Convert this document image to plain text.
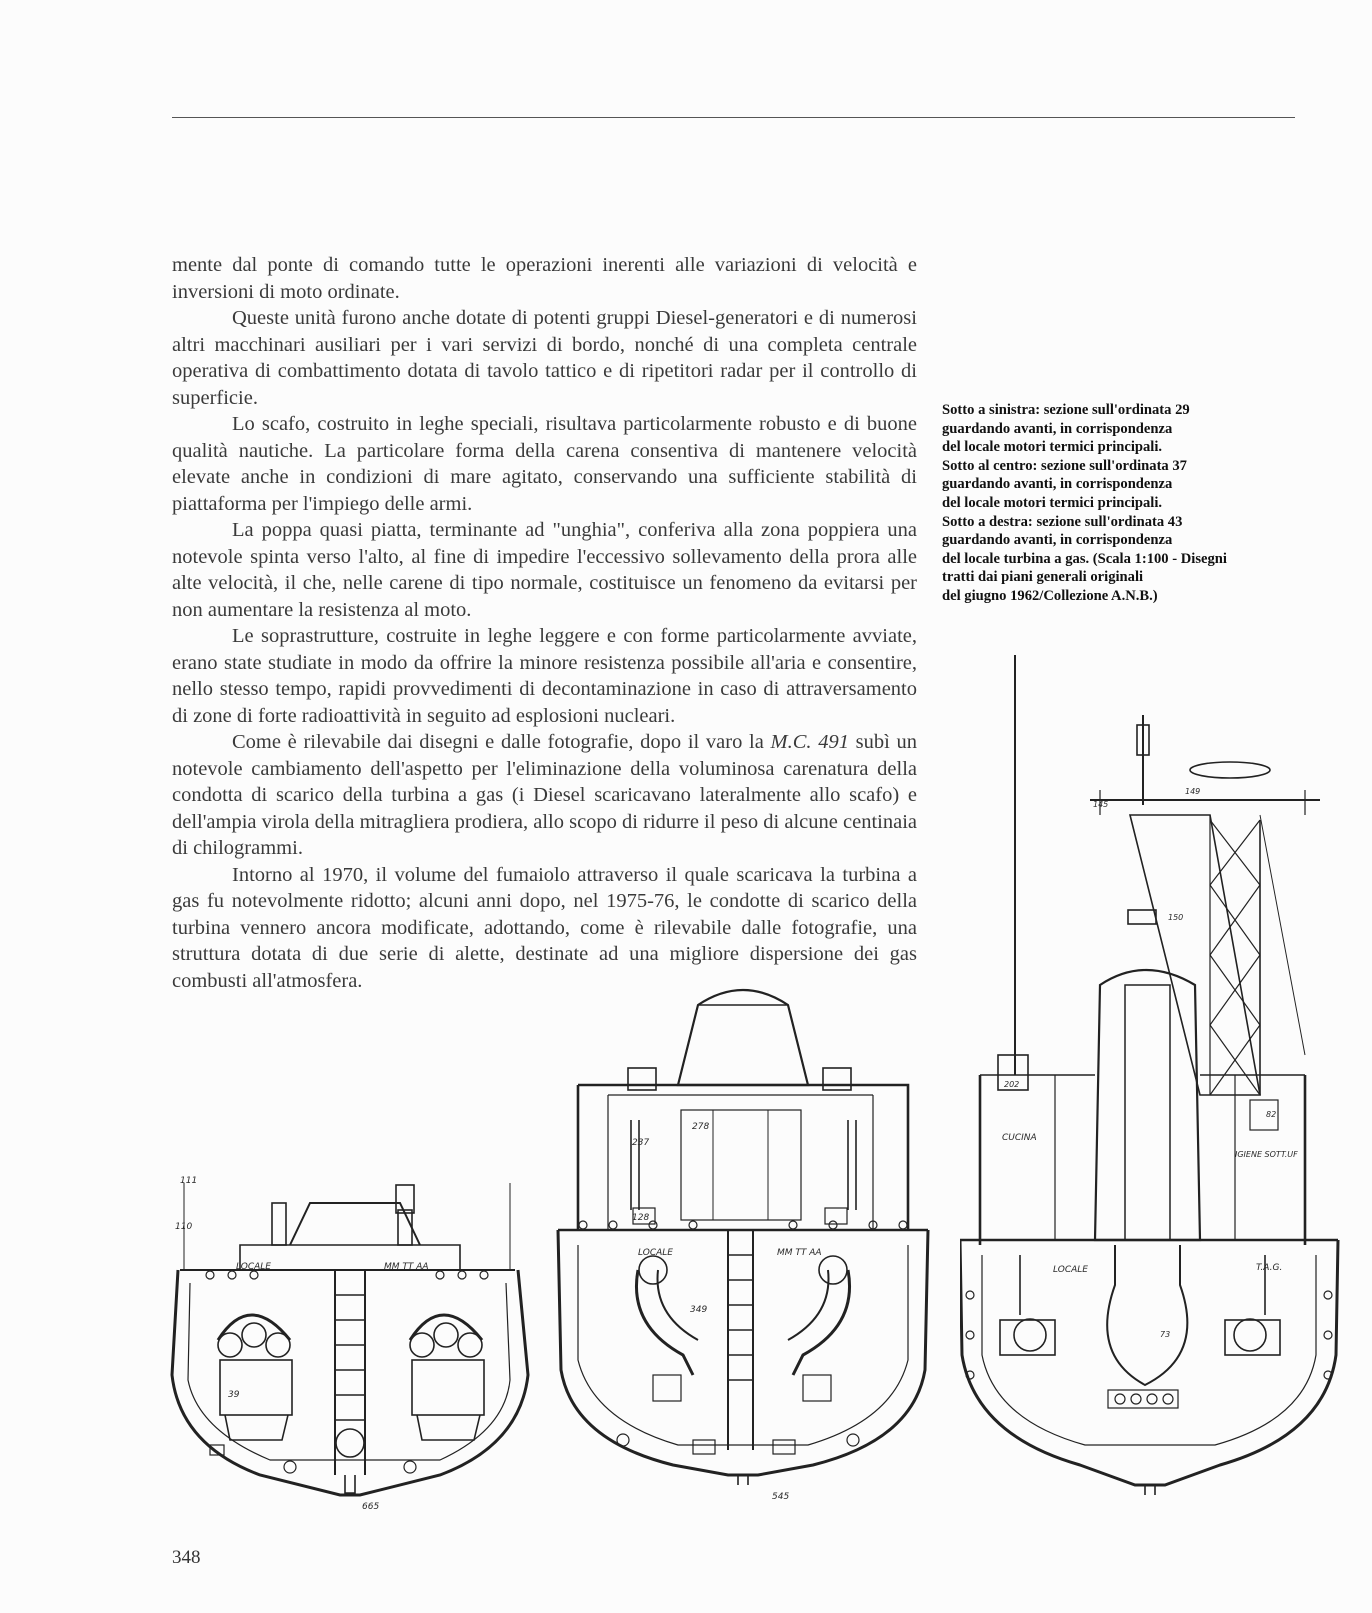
mente dal ponte di comando tutte le operazioni inerenti alle variazioni di velocità e inversioni di moto ordinate.

Queste unità furono anche dotate di potenti gruppi Diesel-generatori e di numerosi altri macchinari ausiliari per i vari servizi di bordo, nonché di una completa centrale operativa di combattimento dotata di tavolo tattico e di ripetitori radar per il controllo di superficie.

Lo scafo, costruito in leghe speciali, risultava particolarmente robusto e di buone qualità nautiche. La particolare forma della carena consentiva di mantenere velocità elevate anche in condizioni di mare agitato, conservando una sufficiente stabilità di piattaforma per l'impiego delle armi.

La poppa quasi piatta, terminante ad "unghia", conferiva alla zona poppiera una notevole spinta verso l'alto, al fine di impedire l'eccessivo sollevamento della prora alle alte velocità, il che, nelle carene di tipo normale, costituisce un fenomeno da evitarsi per non aumentare la resistenza al moto.

Le soprastrutture, costruite in leghe leggere e con forme particolarmente avviate, erano state studiate in modo da offrire la minore resistenza possibile all'aria e consentire, nello stesso tempo, rapidi provvedimenti di decontaminazione in caso di attraversamento di zone di forte radioattività in seguito ad esplosioni nucleari.

Come è rilevabile dai disegni e dalle fotografie, dopo il varo la M.C. 491 subì un notevole cambiamento dell'aspetto per l'eliminazione della voluminosa carenatura della condotta di scarico della turbina a gas (i Diesel scaricavano lateralmente allo scafo) e dell'ampia virola della mitragliera prodiera, allo scopo di ridurre il peso di alcune centinaia di chilogrammi.

Intorno al 1970, il volume del fumaiolo attraverso il quale scaricava la turbina a gas fu notevolmente ridotto; alcuni anni dopo, nel 1975-76, le condotte di scarico della turbina vennero ancora modificate, adottando, come è rilevabile dalle fotografie, una struttura dotata di due serie di alette, destinate ad una migliore dispersione dei gas combusti all'atmosfera.

Sotto a sinistra: sezione sull'ordinata 29
guardando avanti, in corrispondenza
del locale motori termici principali.
Sotto al centro: sezione sull'ordinata 37
guardando avanti, in corrispondenza
del locale motori termici principali.
Sotto a destra: sezione sull'ordinata 43
guardando avanti, in corrispondenza
del locale turbina a gas. (Scala 1:100 - Disegni
tratti dai piani generali originali
del giugno 1962/Collezione A.N.B.)
LOCALE	MM TT AA
111
110
39
665
LOCALE	MM TT AA
237
278
128
349
545
CUCINA
IGIENE SOTT.UF
LOCALE	T.A.G.
149
150
73
82
202
145
348
